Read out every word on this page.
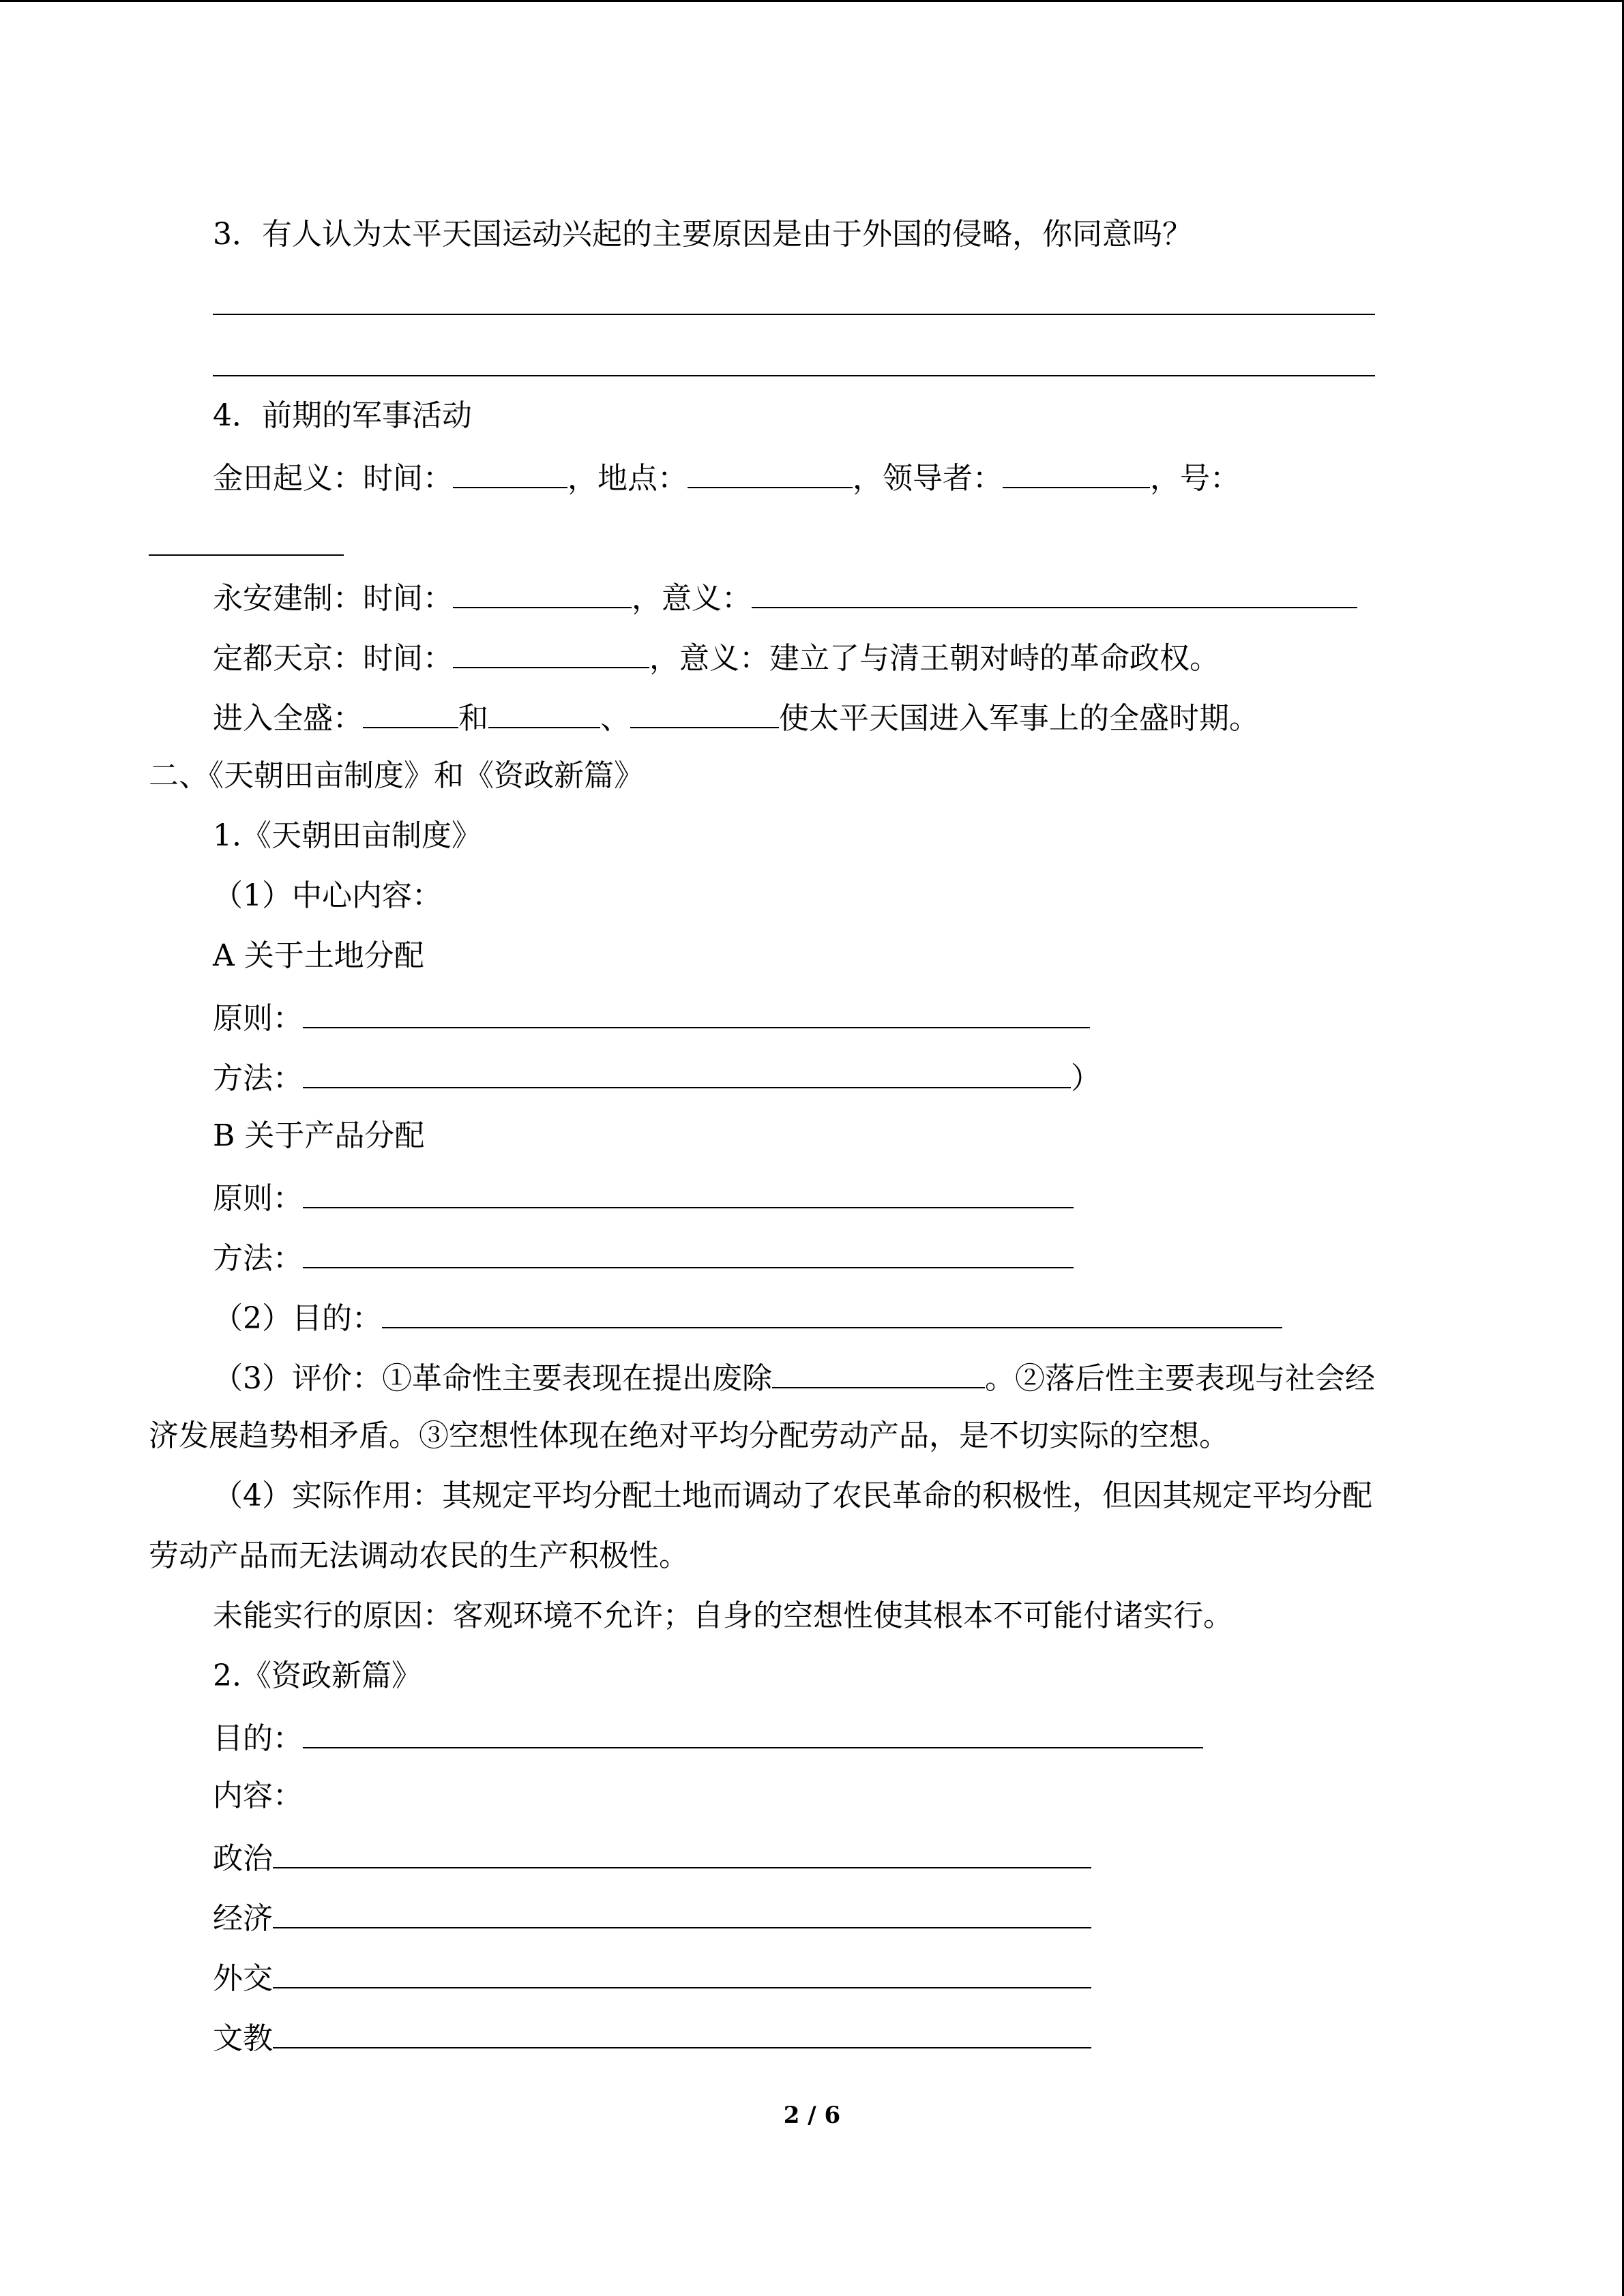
3．有人认为太平天国运动兴起的主要原因是由于外国的侵略，你同意吗？
4．前期的军事活动
金田起义：时间：	，地点：	，领导者：	，号：
永安建制：时间：	，意义：
定都天京：时间：	，意义：建立了与清王朝对峙的革命政权。
进入全盛：	和	、	使太平天国进入军事上的全盛时期。
二、《天朝田亩制度》和《资政新篇》
1.《天朝田亩制度》
（1）中心内容：
A 关于土地分配
原则：
方法：	）
B 关于产品分配
原则：
方法：
（2）目的：
（3）评价：①革命性主要表现在提出废除	。②落后性主要表现与社会经
济发展趋势相矛盾。③空想性体现在绝对平均分配劳动产品，是不切实际的空想。
（4）实际作用：其规定平均分配土地而调动了农民革命的积极性，但因其规定平均分配
劳动产品而无法调动农民的生产积极性。
未能实行的原因：客观环境不允许；自身的空想性使其根本不可能付诸实行。
2.《资政新篇》
目的：
内容：
政治
经济
外交
文教
2 / 6
